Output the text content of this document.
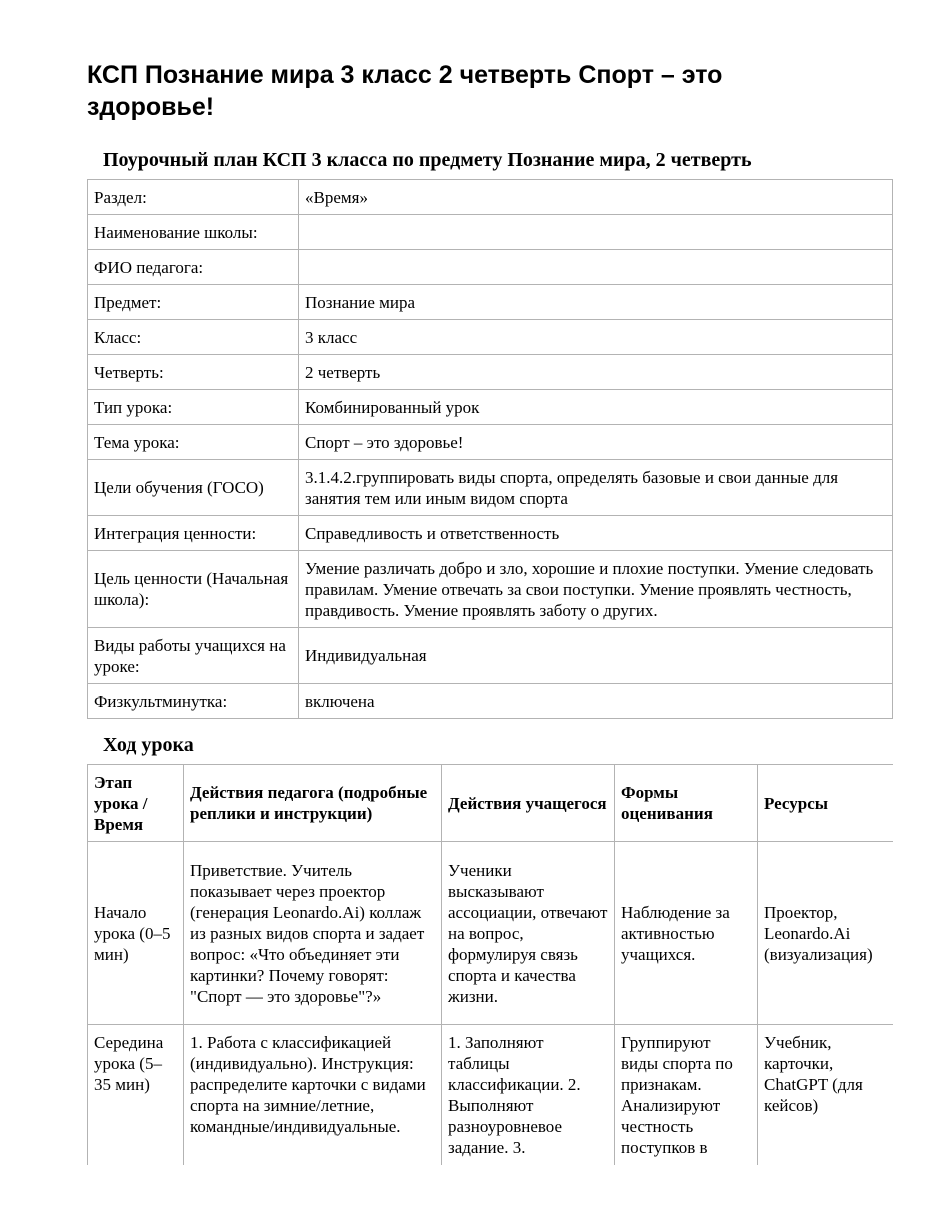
КСП Познание мира 3 класс 2 четверть Спорт – это здоровье!
Поурочный план КСП 3 класса по предмету Познание мира, 2 четверть
Раздел:	«Время»
Наименование школы:	
ФИО педагога:	
Предмет:	Познание мира
Класс:	3 класс
Четверть:	2 четверть
Тип урока:	Комбинированный урок
Тема урока:	Спорт – это здоровье!
Цели обучения (ГОСО)	3.1.4.2.группировать виды спорта, определять базовые и свои данные для занятия тем или иным видом спорта
Интеграция ценности:	Справедливость и ответственность
Цель ценности (Начальная школа):	Умение различать добро и зло, хорошие и плохие поступки. Умение следовать правилам. Умение отвечать за свои поступки. Умение проявлять честность, правдивость. Умение проявлять заботу о других.
Виды работы учащихся на уроке:	Индивидуальная
Физкультминутка:	включена
Ход урока
Этап урока / Время	Действия педагога (подробные реплики и инструкции)	Действия учащегося	Формы оценивания	Ресурсы
Начало урока (0–5 мин)	Приветствие. Учитель показывает через проектор (генерация Leonardo.Ai) коллаж из разных видов спорта и задает вопрос: «Что объединяет эти картинки? Почему говорят: "Спорт — это здоровье"?»	Ученики высказывают ассоциации, отвечают на вопрос, формулируя связь спорта и качества жизни.	Наблюдение за активностью учащихся.	Проектор, Leonardo.Ai (визуализация)
Середина урока (5–35 мин)	1. Работа с классификацией (индивидуально). Инструкция: распределите карточки с видами спорта на зимние/летние, командные/индивидуальные.	1. Заполняют таблицы классификации. 2. Выполняют разноуровневое задание. 3.	Группируют виды спорта по признакам. Анализируют честность поступков в	Учебник, карточки, ChatGPT (для кейсов)
